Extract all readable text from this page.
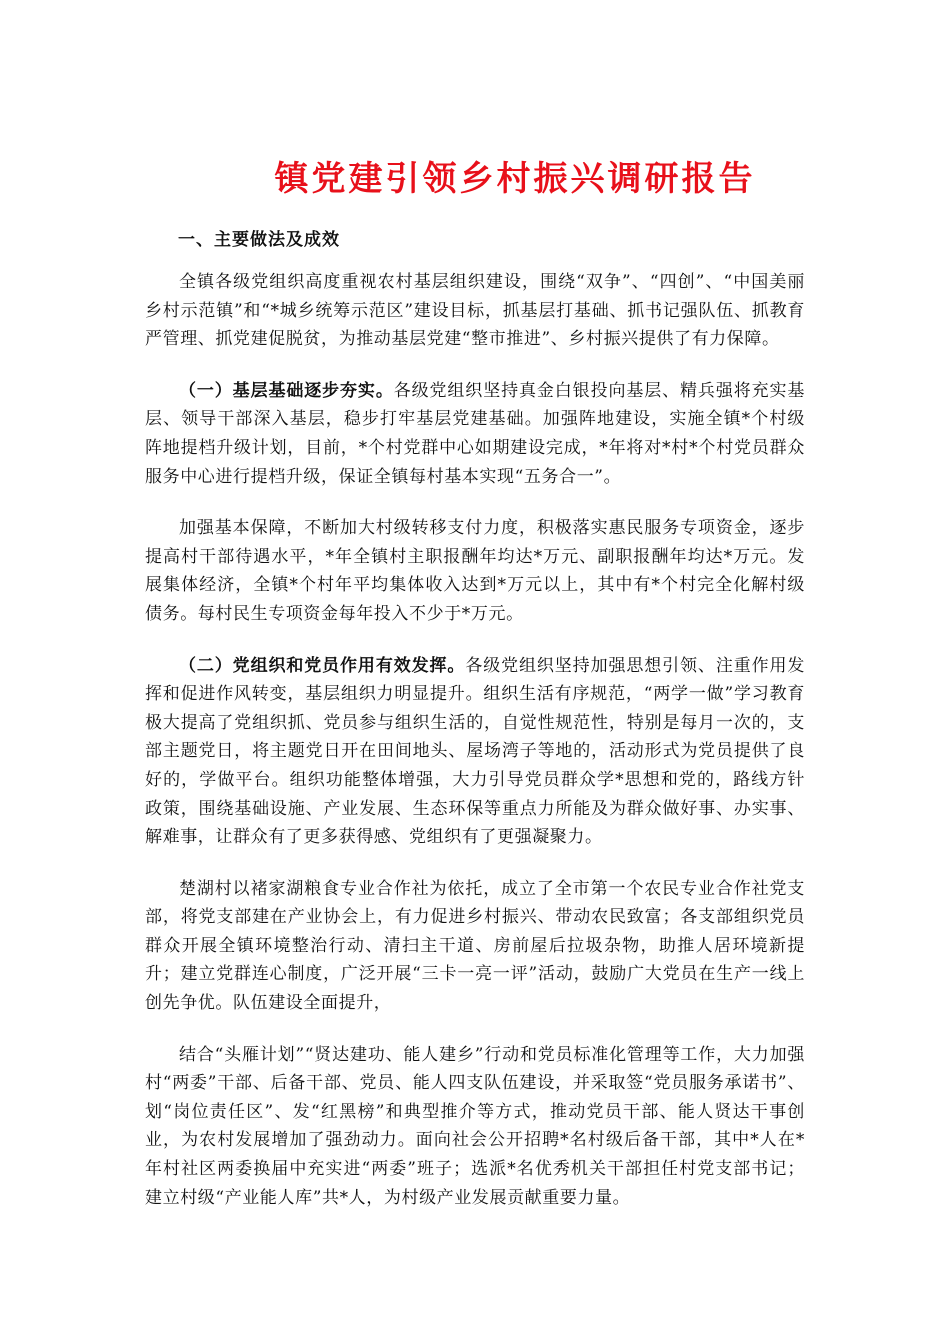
镇党建引领乡村振兴调研报告
一、主要做法及成效

全镇各级党组织高度重视农村基层组织建设，围绕“双争”、“四创”、“中国美丽乡村示范镇”和“*城乡统筹示范区”建设目标，抓基层打基础、抓书记强队伍、抓教育严管理、抓党建促脱贫，为推动基层党建“整市推进”、乡村振兴提供了有力保障。

（一）基层基础逐步夯实。各级党组织坚持真金白银投向基层、精兵强将充实基层、领导干部深入基层，稳步打牢基层党建基础。加强阵地建设，实施全镇*个村级阵地提档升级计划，目前，*个村党群中心如期建设完成，*年将对*村*个村党员群众服务中心进行提档升级，保证全镇每村基本实现“五务合一”。

加强基本保障，不断加大村级转移支付力度，积极落实惠民服务专项资金，逐步提高村干部待遇水平，*年全镇村主职报酬年均达*万元、副职报酬年均达*万元。发展集体经济，全镇*个村年平均集体收入达到*万元以上，其中有*个村完全化解村级债务。每村民生专项资金每年投入不少于*万元。

（二）党组织和党员作用有效发挥。各级党组织坚持加强思想引领、注重作用发挥和促进作风转变，基层组织力明显提升。组织生活有序规范，“两学一做”学习教育极大提高了党组织抓、党员参与组织生活的，自觉性规范性，特别是每月一次的，支部主题党日，将主题党日开在田间地头、屋场湾子等地的，活动形式为党员提供了良好的，学做平台。组织功能整体增强，大力引导党员群众学*思想和党的，路线方针政策，围绕基础设施、产业发展、生态环保等重点力所能及为群众做好事、办实事、解难事，让群众有了更多获得感、党组织有了更强凝聚力。

楚湖村以褚家湖粮食专业合作社为依托，成立了全市第一个农民专业合作社党支部，将党支部建在产业协会上，有力促进乡村振兴、带动农民致富；各支部组织党员群众开展全镇环境整治行动、清扫主干道、房前屋后拉圾杂物，助推人居环境新提升；建立党群连心制度，广泛开展“三卡一亮一评”活动，鼓励广大党员在生产一线上创先争优。队伍建设全面提升，

结合“头雁计划”“贤达建功、能人建乡”行动和党员标准化管理等工作，大力加强村“两委”干部、后备干部、党员、能人四支队伍建设，并采取签“党员服务承诺书”、划“岗位责任区”、发“红黑榜”和典型推介等方式，推动党员干部、能人贤达干事创业，为农村发展增加了强劲动力。面向社会公开招聘*名村级后备干部，其中*人在*年村社区两委换届中充实进“两委”班子；选派*名优秀机关干部担任村党支部书记；建立村级“产业能人库”共*人，为村级产业发展贡献重要力量。
